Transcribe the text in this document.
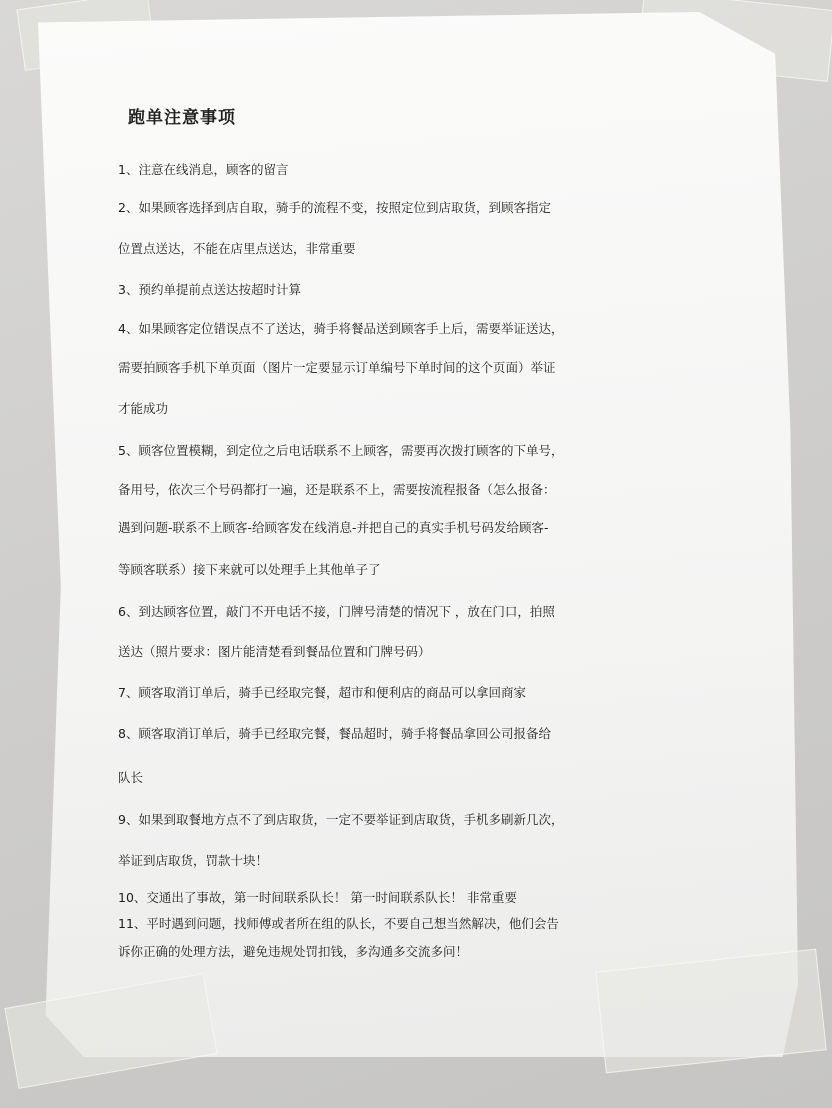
跑单注意事项

1、注意在线消息，顾客的留言

2、如果顾客选择到店自取，骑手的流程不变，按照定位到店取货，到顾客指定

位置点送达，不能在店里点送达，非常重要

3、预约单提前点送达按超时计算

4、如果顾客定位错误点不了送达，骑手将餐品送到顾客手上后，需要举证送达，

需要拍顾客手机下单页面（图片一定要显示订单编号下单时间的这个页面）举证

才能成功

5、顾客位置模糊，到定位之后电话联系不上顾客，需要再次拨打顾客的下单号，

备用号，依次三个号码都打一遍，还是联系不上，需要按流程报备（怎么报备：

遇到问题-联系不上顾客-给顾客发在线消息-并把自己的真实手机号码发给顾客-

等顾客联系）接下来就可以处理手上其他单子了

6、到达顾客位置，敲门不开电话不接，门牌号清楚的情况下 ，放在门口，拍照

送达（照片要求：图片能清楚看到餐品位置和门牌号码）

7、顾客取消订单后，骑手已经取完餐，超市和便利店的商品可以拿回商家

8、顾客取消订单后，骑手已经取完餐，餐品超时，骑手将餐品拿回公司报备给

队长

9、如果到取餐地方点不了到店取货，一定不要举证到店取货，手机多刷新几次，

举证到店取货，罚款十块！

10、交通出了事故，第一时间联系队长！ 第一时间联系队长！ 非常重要

11、平时遇到问题，找师傅或者所在组的队长，不要自己想当然解决，他们会告

诉你正确的处理方法，避免违规处罚扣钱，多沟通多交流多问！
